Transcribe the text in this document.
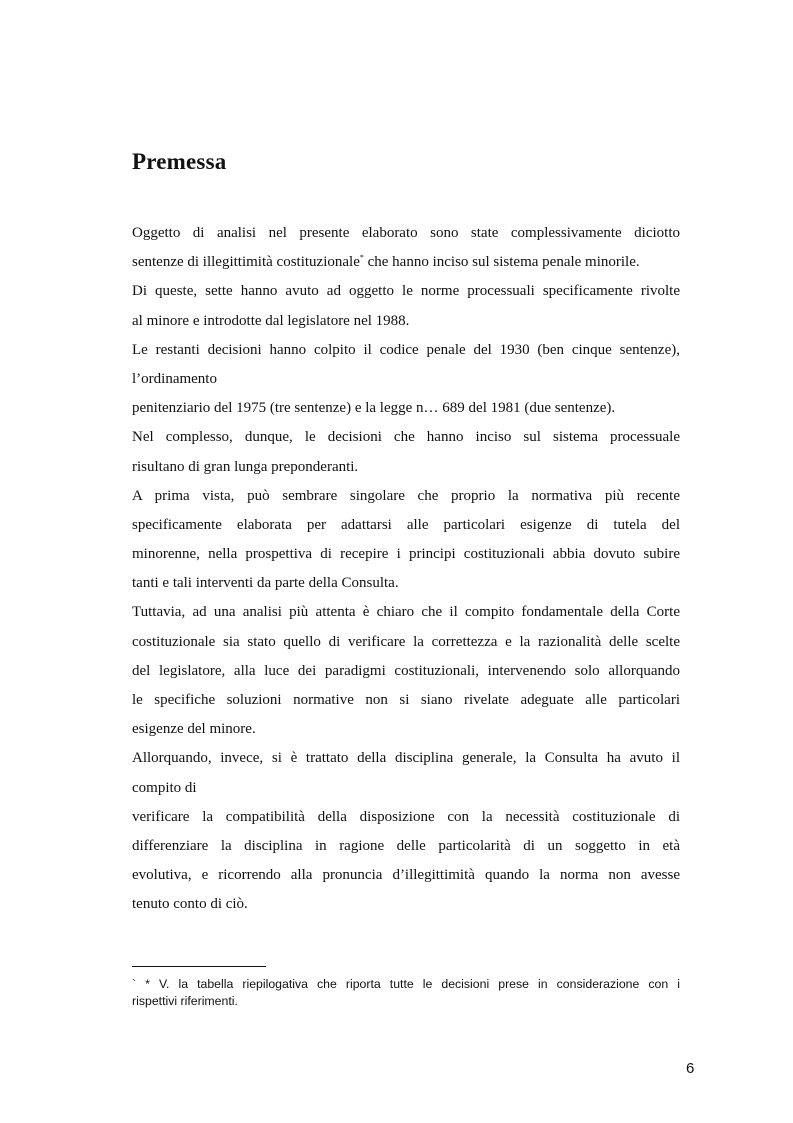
Premessa
Oggetto di analisi nel presente elaborato sono state complessivamente diciotto
sentenze di illegittimità costituzionale* che hanno inciso sul sistema penale minorile.
Di queste, sette hanno avuto ad oggetto le norme processuali specificamente rivolte
al minore e introdotte dal legislatore nel 1988.
Le restanti decisioni hanno colpito il codice penale del 1930 (ben cinque sentenze),
l’ordinamento
penitenziario del 1975 (tre sentenze) e la legge n… 689 del 1981 (due sentenze).
Nel complesso, dunque, le decisioni che hanno inciso sul sistema processuale
risultano di gran lunga preponderanti.
A prima vista, può sembrare singolare che proprio la normativa più recente
specificamente elaborata per adattarsi alle particolari esigenze di tutela del
minorenne, nella prospettiva di recepire i principi costituzionali abbia dovuto subire
tanti e tali interventi da parte della Consulta.
Tuttavia, ad una analisi più attenta è chiaro che il compito fondamentale della Corte
costituzionale sia stato quello di verificare la correttezza e la razionalità delle scelte
del legislatore, alla luce dei paradigmi costituzionali, intervenendo solo allorquando
le specifiche soluzioni normative non si siano rivelate adeguate alle particolari
esigenze del minore.
Allorquando, invece, si è trattato della disciplina generale, la Consulta ha avuto il
compito di
verificare la compatibilità della disposizione con la necessità costituzionale di
differenziare la disciplina in ragione delle particolarità di un soggetto in età
evolutiva, e ricorrendo alla pronuncia d’illegittimità quando la norma non avesse
tenuto conto di ciò.
` * V. la tabella riepilogativa che riporta tutte le decisioni prese in considerazione con i
rispettivi riferimenti.
6
